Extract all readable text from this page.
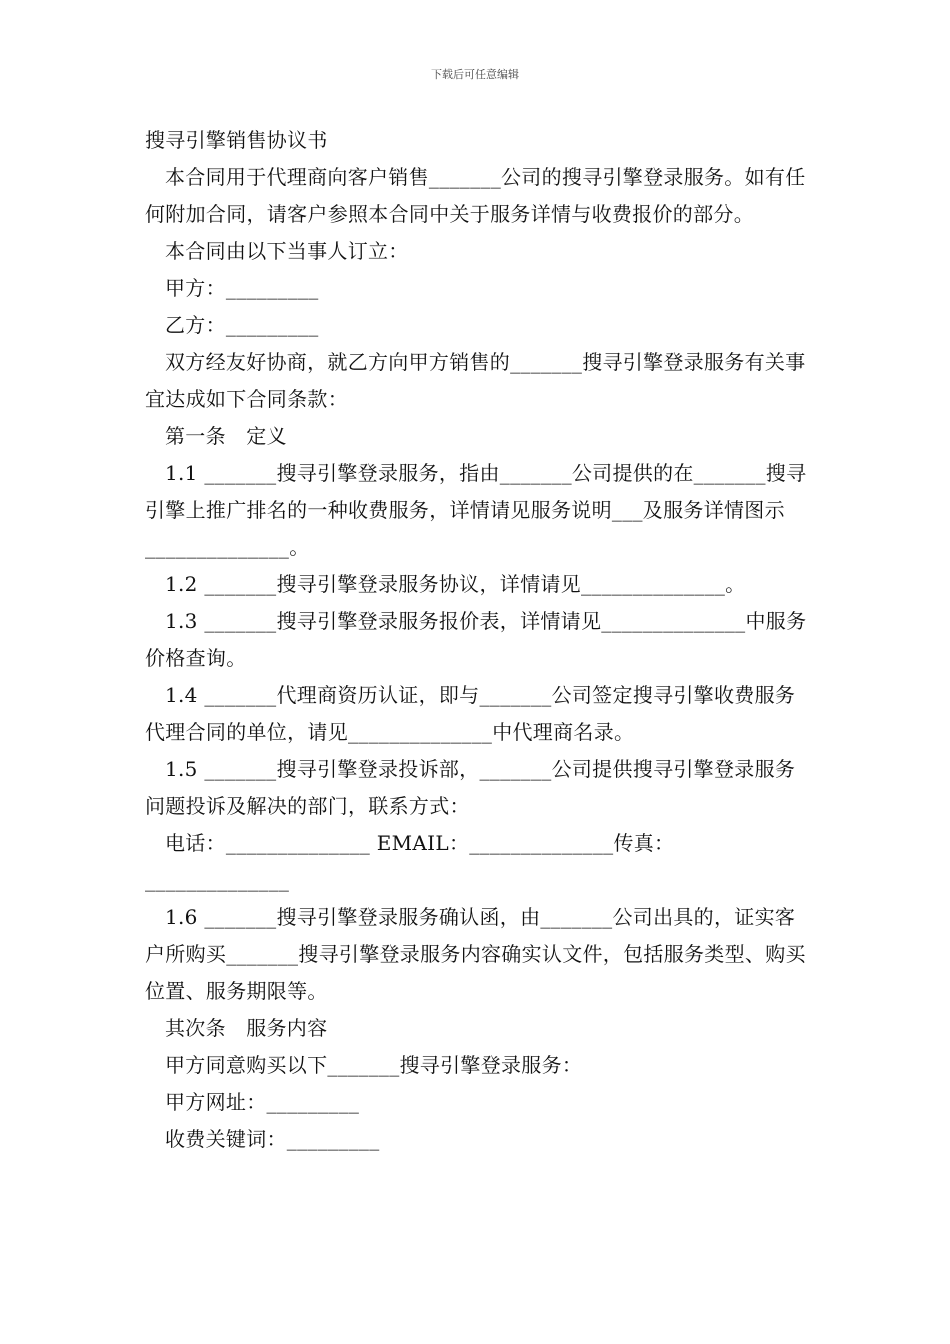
下载后可任意编辑

搜寻引擎销售协议书

本合同用于代理商向客户销售_______公司的搜寻引擎登录服务。如有任何附加合同，请客户参照本合同中关于服务详情与收费报价的部分。

本合同由以下当事人订立：

甲方：_________

乙方：_________

双方经友好协商，就乙方向甲方销售的_______搜寻引擎登录服务有关事宜达成如下合同条款：

第一条　定义

1.1 _______搜寻引擎登录服务，指由_______公司提供的在_______搜寻引擎上推广排名的一种收费服务，详情请见服务说明___及服务详情图示______________。

1.2 _______搜寻引擎登录服务协议，详情请见______________。

1.3 _______搜寻引擎登录服务报价表，详情请见______________中服务价格查询。

1.4 _______代理商资历认证，即与_______公司签定搜寻引擎收费服务代理合同的单位，请见______________中代理商名录。

1.5 _______搜寻引擎登录投诉部，_______公司提供搜寻引擎登录服务问题投诉及解决的部门，联系方式：

电话：______________ EMAIL：______________传真：______________

1.6 _______搜寻引擎登录服务确认函，由_______公司出具的，证实客户所购买_______搜寻引擎登录服务内容确实认文件，包括服务类型、购买位置、服务期限等。

其次条　服务内容

甲方同意购买以下_______搜寻引擎登录服务：

甲方网址：_________

收费关键词：_________
